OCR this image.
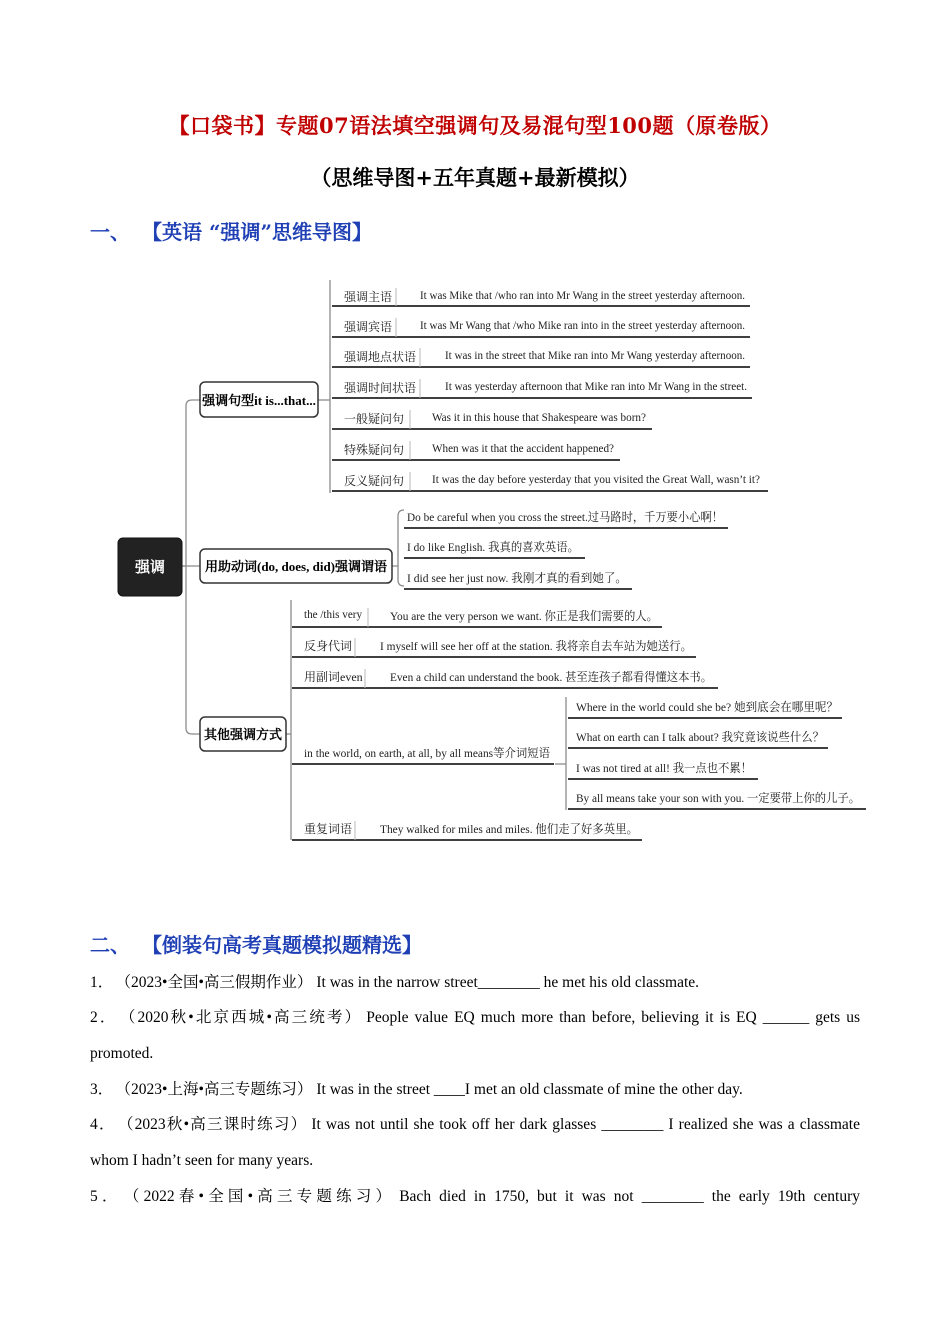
【口袋书】专题07语法填空强调句及易混句型100题（原卷版）
（思维导图+五年真题+最新模拟）
一、 【英语 “强调”思维导图】
强调
强调句型it is...that...
用助动词(do, does, did)强调谓语
其他强调方式
强调主语 It was Mike that /who ran into Mr Wang in the street yesterday afternoon.
强调宾语 It was Mr Wang that /who Mike ran into in the street yesterday afternoon.
强调地点状语 It was in the street that Mike ran into Mr Wang yesterday afternoon.
强调时间状语 It was yesterday afternoon that Mike ran into Mr Wang in the street.
一般疑问句 Was it in this house that Shakespeare was born?
特殊疑问句 When was it that the accident happened?
反义疑问句 It was the day before yesterday that you visited the Great Wall, wasn’t it?
Do be careful when you cross the street.过马路时，千万要小心啊！
I do like English. 我真的喜欢英语。
I did see her just now. 我刚才真的看到她了。
the /this very You are the very person we want. 你正是我们需要的人。
反身代词 I myself will see her off at the station. 我将亲自去车站为她送行。
用副词even Even a child can understand the book. 甚至连孩子都看得懂这本书。
in the world, on earth, at all, by all means等介词短语
Where in the world could she be? 她到底会在哪里呢？
What on earth can I talk about? 我究竟该说些什么？
I was not tired at all! 我一点也不累！
By all means take your son with you. 一定要带上你的儿子。
重复词语 They walked for miles and miles. 他们走了好多英里。
二、 【倒装句高考真题模拟题精选】
1． （2023•全国•高三假期作业） It was in the narrow street________ he met his old classmate.
2． （2020秋•北京西城•高三统考） People value EQ much more than before, believing it is EQ ______ gets us promoted.
3． （2023•上海•高三专题练习） It was in the street ____I met an old classmate of mine the other day.
4． （2023秋•高三课时练习） It was not until she took off her dark glasses ________ I realized she was a classmate whom I hadn’t seen for many years.
5． （2022春•全国•高三专题练习） Bach died in 1750, but it was not ________ the early 19th century
